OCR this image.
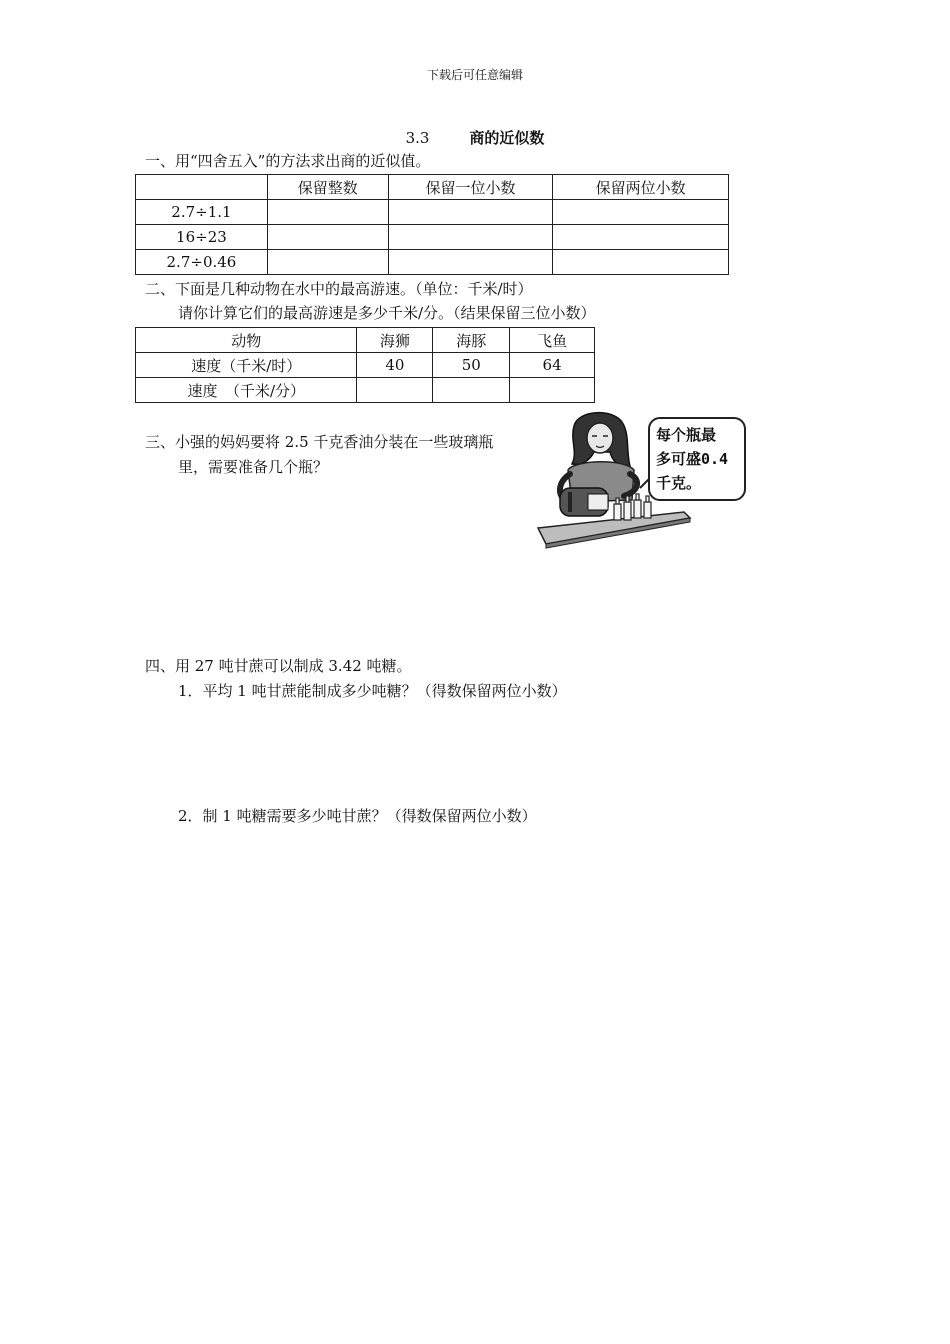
下载后可任意编辑
3.3	商的近似数
一、用“四舍五入”的方法求出商的近似值。
	保留整数	保留一位小数	保留两位小数
2.7÷1.1			
16÷23			
2.7÷0.46			
二、下面是几种动物在水中的最高游速。（单位：千米/时）
请你计算它们的最高游速是多少千米/分。（结果保留三位小数）
动物	海狮	海豚	飞鱼
速度（千米/时）	40	50	64
速度　（千米/分）			
三、小强的妈妈要将 2.5 千克香油分装在一些玻璃瓶
里，需要准备几个瓶？
每个瓶最
多可盛0.4
千克。
四、用 27 吨甘蔗可以制成 3.42 吨糖。
1．平均 1 吨甘蔗能制成多少吨糖？（得数保留两位小数）
2．制 1 吨糖需要多少吨甘蔗？（得数保留两位小数）
